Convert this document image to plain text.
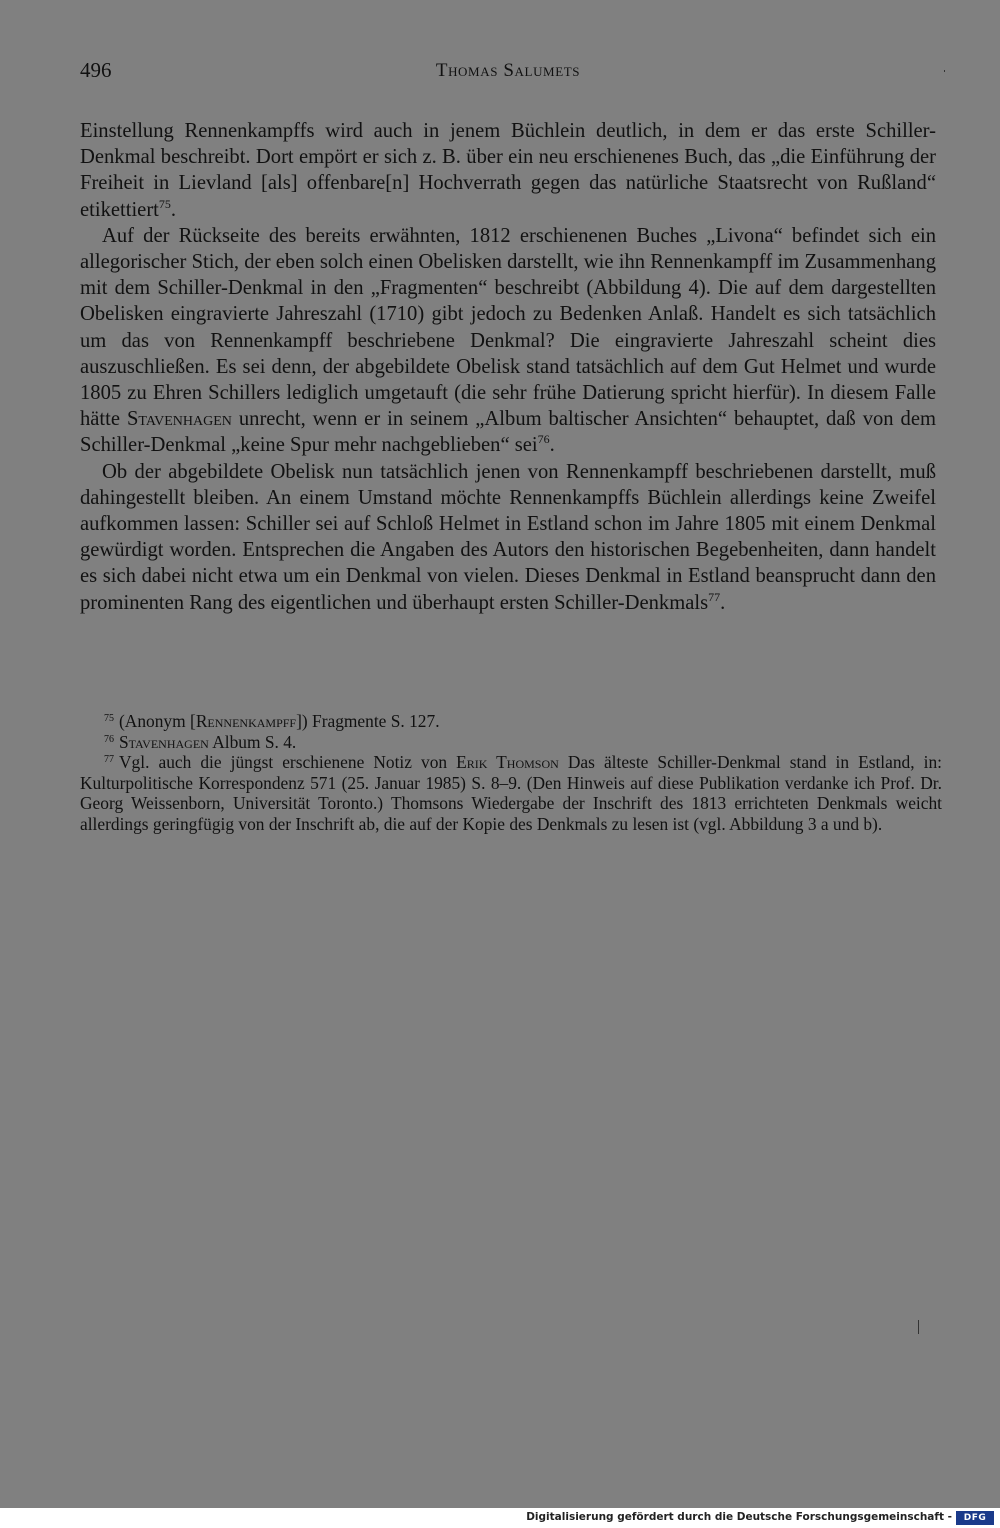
496	Thomas Salumets

Einstellung Rennenkampffs wird auch in jenem Büchlein deutlich, in dem er das erste Schiller-Denkmal beschreibt. Dort empört er sich z. B. über ein neu erschienenes Buch, das „die Einführung der Freiheit in Lievland [als] offenbare[n] Hochverrath gegen das natürliche Staatsrecht von Rußland“ etikettiert$^{75}$.

Auf der Rückseite des bereits erwähnten, 1812 erschienenen Buches „Livona“ befindet sich ein allegorischer Stich, der eben solch einen Obelisken darstellt, wie ihn Rennenkampff im Zusammenhang mit dem Schiller-Denkmal in den „Fragmenten“ beschreibt (Abbildung 4). Die auf dem dargestellten Obelisken eingravierte Jahreszahl (1710) gibt jedoch zu Bedenken Anlaß. Handelt es sich tatsächlich um das von Rennenkampff beschriebene Denkmal? Die eingravierte Jahreszahl scheint dies auszuschließen. Es sei denn, der abgebildete Obelisk stand tatsächlich auf dem Gut Helmet und wurde 1805 zu Ehren Schillers lediglich umgetauft (die sehr frühe Datierung spricht hierfür). In diesem Falle hätte Stavenhagen unrecht, wenn er in seinem „Album baltischer Ansichten“ behauptet, daß von dem Schiller-Denkmal „keine Spur mehr nachgeblieben“ sei$^{76}$.

Ob der abgebildete Obelisk nun tatsächlich jenen von Rennenkampff beschriebenen darstellt, muß dahingestellt bleiben. An einem Umstand möchte Rennenkampffs Büchlein allerdings keine Zweifel aufkommen lassen: Schiller sei auf Schloß Helmet in Estland schon im Jahre 1805 mit einem Denkmal gewürdigt worden. Entsprechen die Angaben des Autors den historischen Begebenheiten, dann handelt es sich dabei nicht etwa um ein Denkmal von vielen. Dieses Denkmal in Estland beansprucht dann den prominenten Rang des eigentlichen und überhaupt ersten Schiller-Denkmals$^{77}$.

$^{75}$ (Anonym [Rennenkampff]) Fragmente S. 127.
$^{76}$ Stavenhagen Album S. 4.
$^{77}$ Vgl. auch die jüngst erschienene Notiz von Erik Thomson Das älteste Schiller-Denkmal stand in Estland, in: Kulturpolitische Korrespondenz 571 (25. Januar 1985) S. 8–9. (Den Hinweis auf diese Publikation verdanke ich Prof. Dr. Georg Weissenborn, Universität Toronto.) Thomsons Wiedergabe der Inschrift des 1813 errichteten Denkmals weicht allerdings geringfügig von der Inschrift ab, die auf der Kopie des Denkmals zu lesen ist (vgl. Abbildung 3 a und b).
Digitalisierung gefördert durch die Deutsche Forschungsgemeinschaft -	DFG
